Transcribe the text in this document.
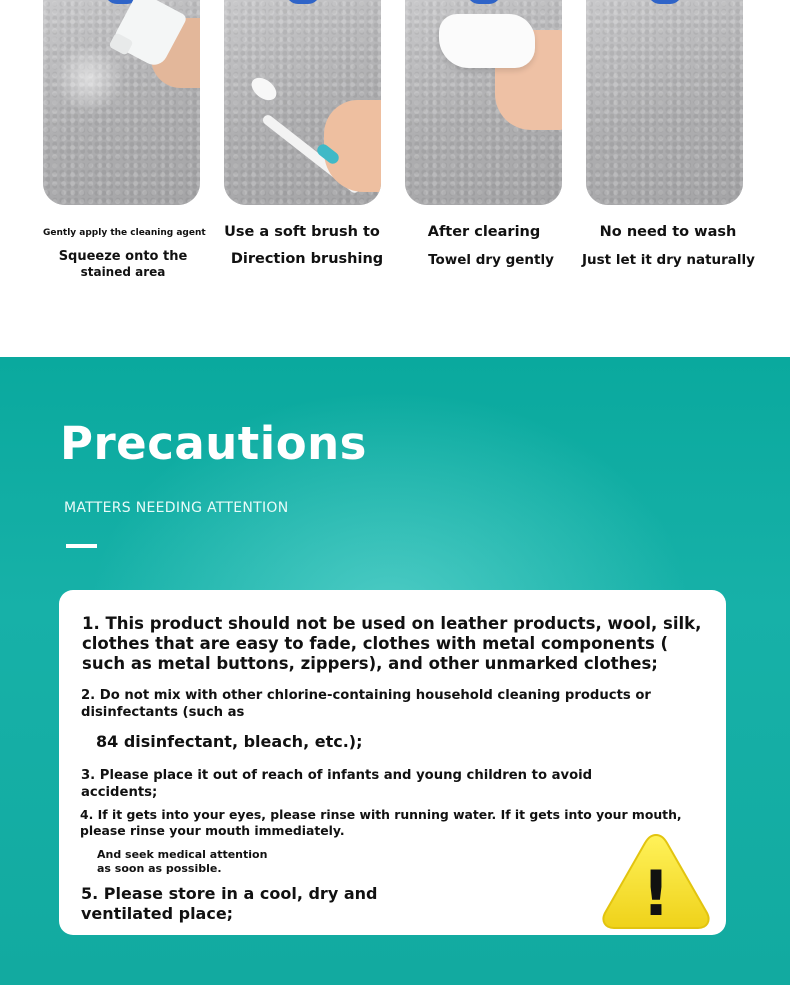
Gently apply the cleaning agent
Squeeze onto the
stained area
Use a soft brush to
Direction brushing
After clearing
Towel dry gently
No need to wash
Just let it dry naturally
Precautions
MATTERS NEEDING ATTENTION
1. This product should not be used on leather products, wool, silk,
clothes that are easy to fade, clothes with metal components (
such as metal buttons, zippers), and other unmarked clothes;
2. Do not mix with other chlorine-containing household cleaning products or
disinfectants (such as
84 disinfectant, bleach, etc.);
3. Please place it out of reach of infants and young children to avoid
accidents;
4. If it gets into your eyes, please rinse with running water. If it gets into your mouth,
please rinse your mouth immediately.
And seek medical attention
as soon as possible.
5. Please store in a cool, dry and
ventilated place;	!
